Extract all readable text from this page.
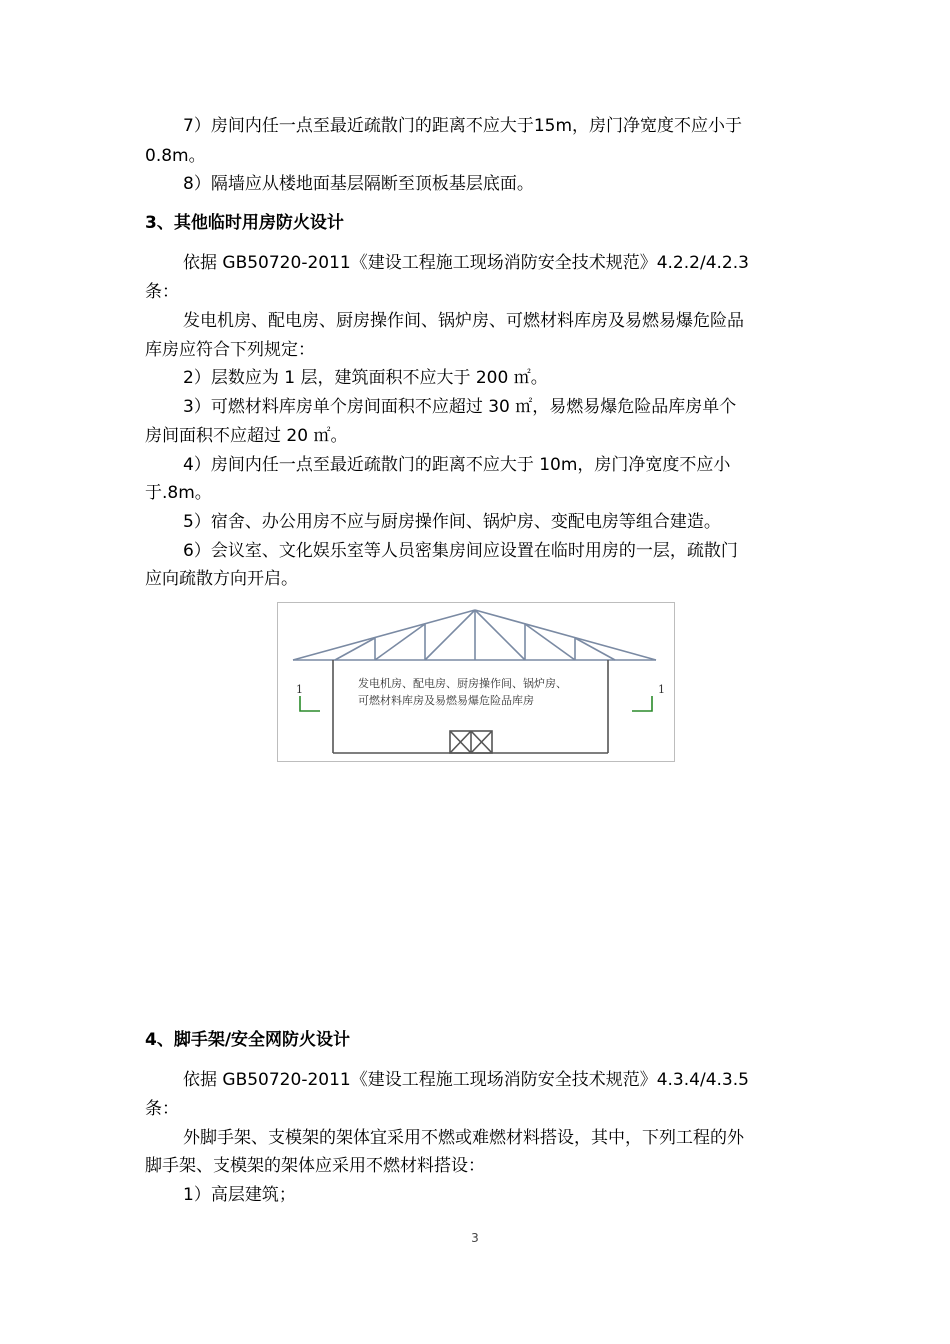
7）房间内任一点至最近疏散门的距离不应大于15m，房门净宽度不应小于
0.8m。
8）隔墙应从楼地面基层隔断至顶板基层底面。
3、其他临时用房防火设计
依据 GB50720-2011《建设工程施工现场消防安全技术规范》4.2.2/4.2.3
条：
发电机房、配电房、厨房操作间、锅炉房、可燃材料库房及易燃易爆危险品
库房应符合下列规定：
2）层数应为 1 层，建筑面积不应大于 200 ㎡。
3）可燃材料库房单个房间面积不应超过 30 ㎡，易燃易爆危险品库房单个
房间面积不应超过 20 ㎡。
4）房间内任一点至最近疏散门的距离不应大于 10m，房门净宽度不应小
于.8m。
5）宿舍、办公用房不应与厨房操作间、锅炉房、变配电房等组合建造。
6）会议室、文化娱乐室等人员密集房间应设置在临时用房的一层，疏散门
应向疏散方向开启。
1	1
发电机房、配电房、厨房操作间、锅炉房、
可燃材料库房及易燃易爆危险品库房
4、脚手架/安全网防火设计
依据 GB50720-2011《建设工程施工现场消防安全技术规范》4.3.4/4.3.5
条：
外脚手架、支模架的架体宜采用不燃或难燃材料搭设，其中，下列工程的外
脚手架、支模架的架体应采用不燃材料搭设：
1）高层建筑；
3
